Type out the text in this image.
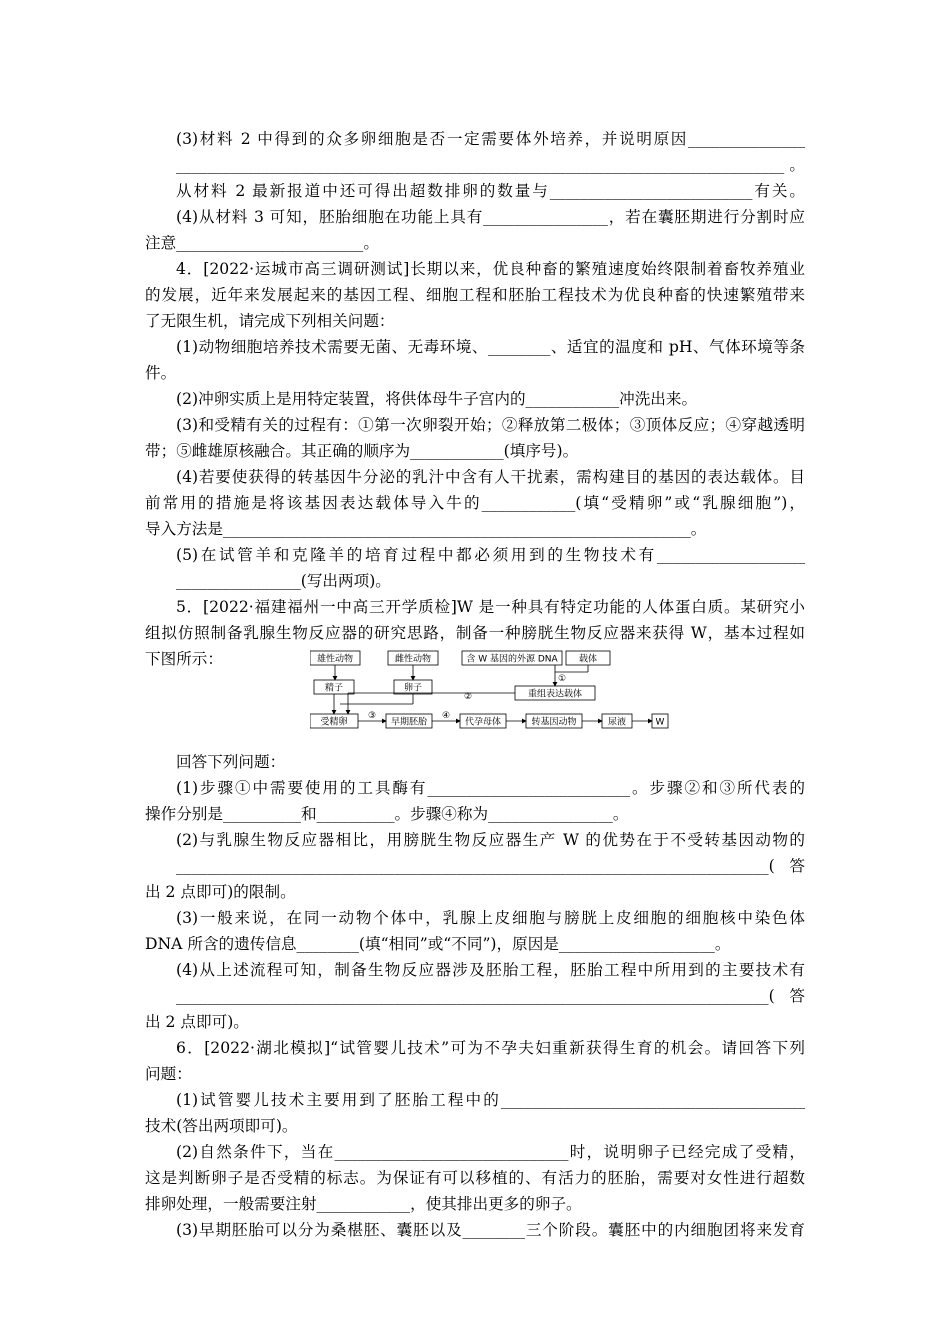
(3)材料 2 中得到的众多卵细胞是否一定需要体外培养，并说明原因_______________
______________________________________________________________________________。
从材料 2 最新报道中还可得出超数排卵的数量与__________________________有关。
(4)从材料 3 可知，胚胎细胞在功能上具有________________，若在囊胚期进行分割时应
注意________________________。
4．[2022·运城市高三调研测试]长期以来，优良种畜的繁殖速度始终限制着畜牧养殖业
的发展，近年来发展起来的基因工程、细胞工程和胚胎工程技术为优良种畜的快速繁殖带来
了无限生机，请完成下列相关问题：
(1)动物细胞培养技术需要无菌、无毒环境、________、适宜的温度和 pH、气体环境等条
件。
(2)冲卵实质上是用特定装置，将供体母牛子宫内的____________冲洗出来。
(3)和受精有关的过程有：①第一次卵裂开始；②释放第二极体；③顶体反应；④穿越透明
带；⑤雌雄原核融合。其正确的顺序为____________(填序号)。
(4)若要使获得的转基因牛分泌的乳汁中含有人干扰素，需构建目的基因的表达载体。目
前常用的措施是将该基因表达载体导入牛的____________(填“受精卵”或“乳腺细胞”)，
导入方法是____________________________________________________________。
(5)在试管羊和克隆羊的培育过程中都必须用到的生物技术有___________________
________________(写出两项)。
5．[2022·福建福州一中高三开学质检]W 是一种具有特定功能的人体蛋白质。某研究小
组拟仿照制备乳腺生物反应器的研究思路，制备一种膀胱生物反应器来获得 W，基本过程如
下图所示：	雄性动物	雌性动物	含 W 基因的外源 DNA 载体
精子	卵子
重组表达载体
受精卵	早期胚胎	代孕母体	转基因动物	尿液	W
①
②
③	④
回答下列问题：
(1)步骤①中需要使用的工具酶有__________________________。步骤②和③所代表的
操作分别是__________和__________。步骤④称为________________。
(2)与乳腺生物反应器相比，用膀胱生物反应器生产 W 的优势在于不受转基因动物的
____________________________________________________________________________(答
出 2 点即可)的限制。
(3)一般来说，在同一动物个体中，乳腺上皮细胞与膀胱上皮细胞的细胞核中染色体
DNA 所含的遗传信息________(填“相同”或“不同”)，原因是____________________。
(4)从上述流程可知，制备生物反应器涉及胚胎工程，胚胎工程中所用到的主要技术有
____________________________________________________________________________(答
出 2 点即可)。
6．[2022·湖北模拟]“试管婴儿技术”可为不孕夫妇重新获得生育的机会。请回答下列
问题：
(1)试管婴儿技术主要用到了胚胎工程中的_______________________________________
技术(答出两项即可)。
(2)自然条件下，当在______________________________时，说明卵子已经完成了受精，
这是判断卵子是否受精的标志。为保证有可以移植的、有活力的胚胎，需要对女性进行超数
排卵处理，一般需要注射____________，使其排出更多的卵子。
(3)早期胚胎可以分为桑椹胚、囊胚以及________三个阶段。囊胚中的内细胞团将来发育
